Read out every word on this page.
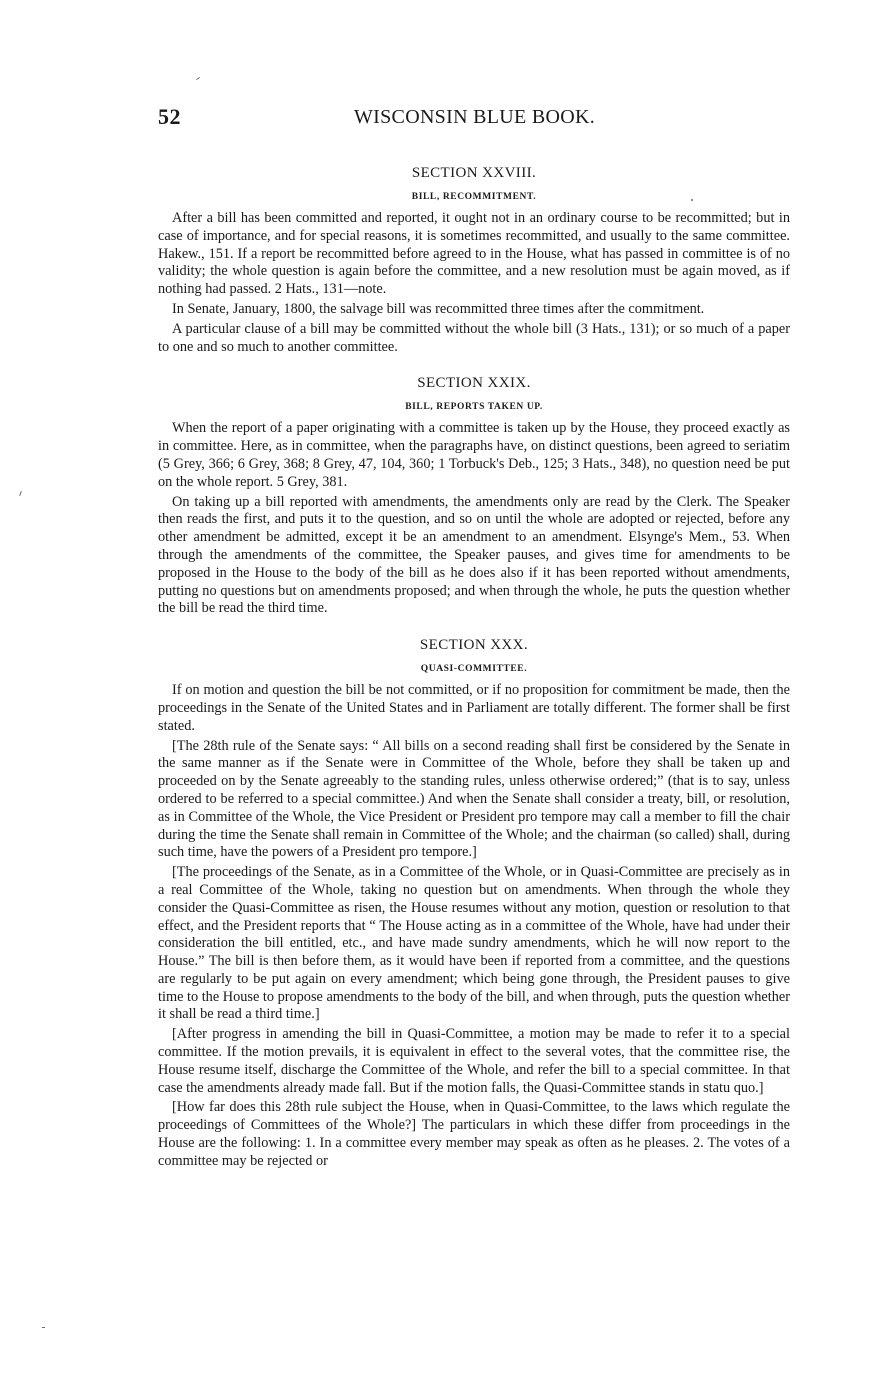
52	WISCONSIN BLUE BOOK.
SECTION XXVIII.
BILL, RECOMMITMENT.

After a bill has been committed and reported, it ought not in an ordinary course to be recommitted; but in case of importance, and for special reasons, it is sometimes recommitted, and usually to the same committee. Hakew., 151. If a report be recommitted before agreed to in the House, what has passed in committee is of no validity; the whole question is again before the committee, and a new resolution must be again moved, as if nothing had passed. 2 Hats., 131—note.

In Senate, January, 1800, the salvage bill was recommitted three times after the commitment.

A particular clause of a bill may be committed without the whole bill (3 Hats., 131); or so much of a paper to one and so much to another committee.

SECTION XXIX.
BILL, REPORTS TAKEN UP.

When the report of a paper originating with a committee is taken up by the House, they proceed exactly as in committee. Here, as in committee, when the paragraphs have, on distinct questions, been agreed to seriatim (5 Grey, 366; 6 Grey, 368; 8 Grey, 47, 104, 360; 1 Torbuck's Deb., 125; 3 Hats., 348), no question need be put on the whole report. 5 Grey, 381.

On taking up a bill reported with amendments, the amendments only are read by the Clerk. The Speaker then reads the first, and puts it to the question, and so on until the whole are adopted or rejected, before any other amendment be admitted, except it be an amendment to an amendment. Elsynge's Mem., 53. When through the amendments of the committee, the Speaker pauses, and gives time for amendments to be proposed in the House to the body of the bill as he does also if it has been reported without amendments, putting no questions but on amendments proposed; and when through the whole, he puts the question whether the bill be read the third time.

SECTION XXX.
QUASI-COMMITTEE.

If on motion and question the bill be not committed, or if no proposition for commitment be made, then the proceedings in the Senate of the United States and in Parliament are totally different. The former shall be first stated.

[The 28th rule of the Senate says: “ All bills on a second reading shall first be considered by the Senate in the same manner as if the Senate were in Committee of the Whole, before they shall be taken up and proceeded on by the Senate agreeably to the standing rules, unless otherwise ordered;” (that is to say, unless ordered to be referred to a special committee.) And when the Senate shall consider a treaty, bill, or resolution, as in Committee of the Whole, the Vice President or President pro tempore may call a member to fill the chair during the time the Senate shall remain in Committee of the Whole; and the chairman (so called) shall, during such time, have the powers of a President pro tempore.]

[The proceedings of the Senate, as in a Committee of the Whole, or in Quasi-Committee are precisely as in a real Committee of the Whole, taking no question but on amendments. When through the whole they consider the Quasi-Committee as risen, the House resumes without any motion, question or resolution to that effect, and the President reports that “ The House acting as in a committee of the Whole, have had under their consideration the bill entitled, etc., and have made sundry amendments, which he will now report to the House.” The bill is then before them, as it would have been if reported from a committee, and the questions are regularly to be put again on every amendment; which being gone through, the President pauses to give time to the House to propose amendments to the body of the bill, and when through, puts the question whether it shall be read a third time.]

[After progress in amending the bill in Quasi-Committee, a motion may be made to refer it to a special committee. If the motion prevails, it is equivalent in effect to the several votes, that the committee rise, the House resume itself, discharge the Committee of the Whole, and refer the bill to a special committee. In that case the amendments already made fall. But if the motion falls, the Quasi-Committee stands in statu quo.]

[How far does this 28th rule subject the House, when in Quasi-Committee, to the laws which regulate the proceedings of Committees of the Whole?] The particulars in which these differ from proceedings in the House are the following: 1. In a committee every member may speak as often as he pleases. 2. The votes of a committee may be rejected or
